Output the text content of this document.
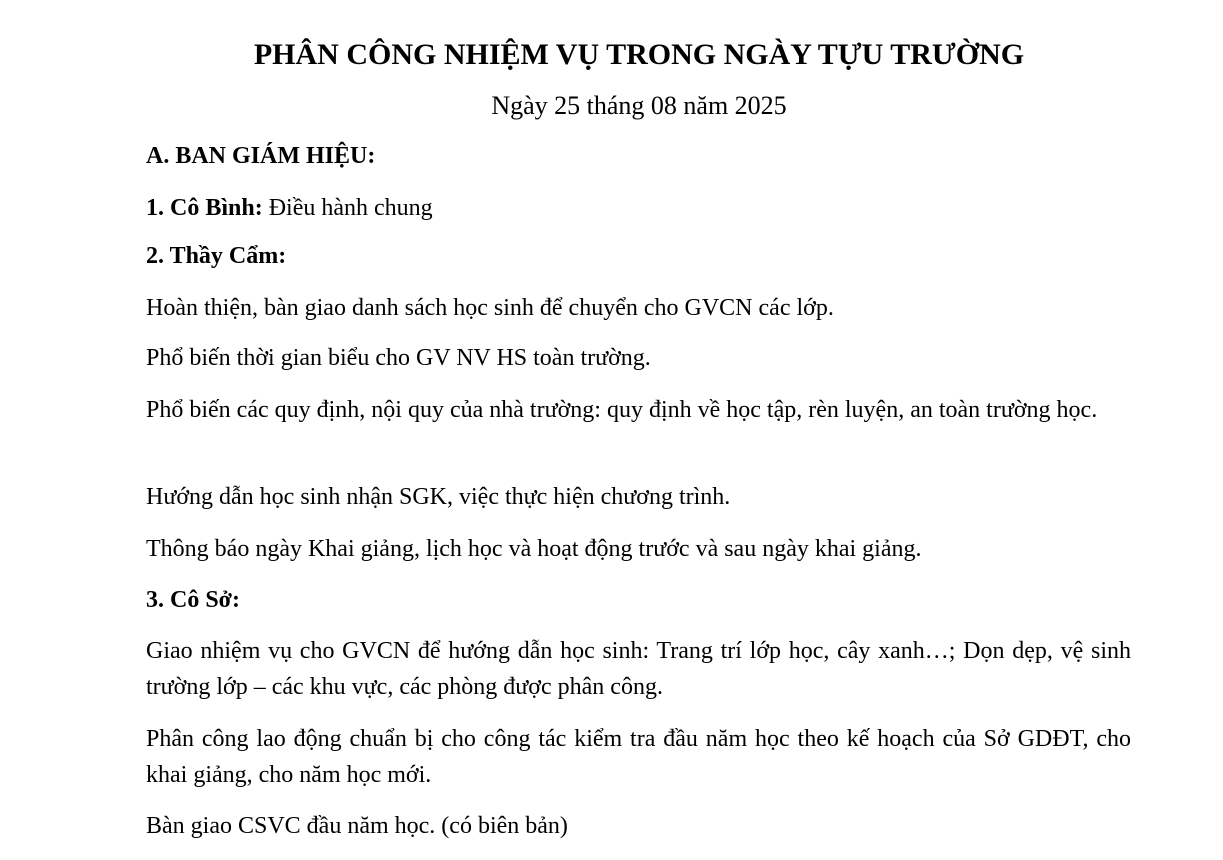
PHÂN CÔNG NHIỆM VỤ TRONG NGÀY TỰU TRƯỜNG
Ngày 25 tháng 08 năm 2025

A. BAN GIÁM HIỆU:

1. Cô Bình: Điều hành chung

2. Thầy Cẩm:

Hoàn thiện, bàn giao danh sách học sinh để chuyển cho GVCN các lớp.

Phổ biến thời gian biểu cho GV NV HS toàn trường.

Phổ biến các quy định, nội quy của nhà trường: quy định về học tập, rèn luyện, an toàn trường học.

Hướng dẫn học sinh nhận SGK, việc thực hiện chương trình.

Thông báo ngày Khai giảng, lịch học và hoạt động trước và sau ngày khai giảng.

3. Cô Sở:

Giao nhiệm vụ cho GVCN để hướng dẫn học sinh: Trang trí lớp học, cây xanh…; Dọn dẹp, vệ sinh trường lớp – các khu vực, các phòng được phân công.

Phân công lao động chuẩn bị cho công tác kiểm tra đầu năm học theo kế hoạch của Sở GDĐT, cho khai giảng, cho năm học mới.

Bàn giao CSVC đầu năm học. (có biên bản)
